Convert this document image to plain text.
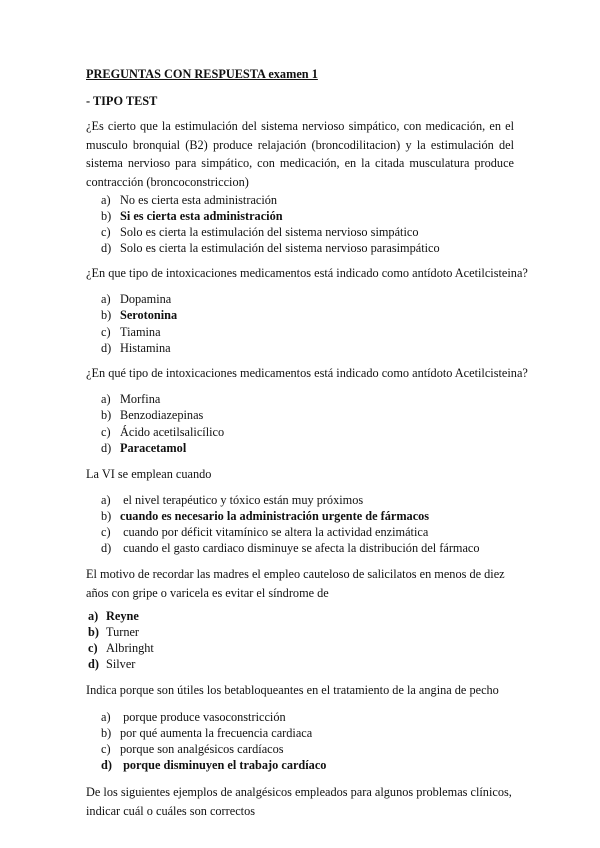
PREGUNTAS CON RESPUESTA examen 1
- TIPO TEST
¿Es cierto que la estimulación del sistema nervioso simpático, con medicación, en el musculo bronquial (B2) produce relajación (broncodilitacion) y la estimulación del sistema nervioso para simpático, con medicación, en la citada musculatura produce contracción (broncoconstriccion)
a) No es cierta esta administración
b) Si es cierta esta administración
c) Solo es cierta la estimulación del sistema nervioso simpático
d) Solo es cierta la estimulación del sistema nervioso parasimpático
¿En que tipo de intoxicaciones medicamentos está indicado como antídoto Acetilcisteina?
a) Dopamina
b) Serotonina
c) Tiamina
d) Histamina
¿En qué tipo de intoxicaciones medicamentos está indicado como antídoto Acetilcisteina?
a) Morfina
b) Benzodiazepinas
c) Ácido acetilsalicílico
d) Paracetamol
La VI se emplean cuando
a) el nivel terapéutico y tóxico están muy próximos
b) cuando es necesario la administración urgente de fármacos
c) cuando por déficit vitamínico se altera la actividad enzimática
d) cuando el gasto cardiaco disminuye se afecta la distribución del fármaco
El motivo de recordar las madres el empleo cauteloso de salicilatos en menos de diez años con gripe o varicela es evitar el síndrome de
a) Reyne
b) Turner
c) Albringht
d) Silver
Indica porque son útiles los betabloqueantes en el tratamiento de la angina de pecho
a) porque produce vasoconstricción
b) por qué aumenta la frecuencia cardiaca
c) porque son analgésicos cardíacos
d) porque disminuyen el trabajo cardíaco
De los siguientes ejemplos de analgésicos empleados para algunos problemas clínicos, indicar cuál o cuáles son correctos
